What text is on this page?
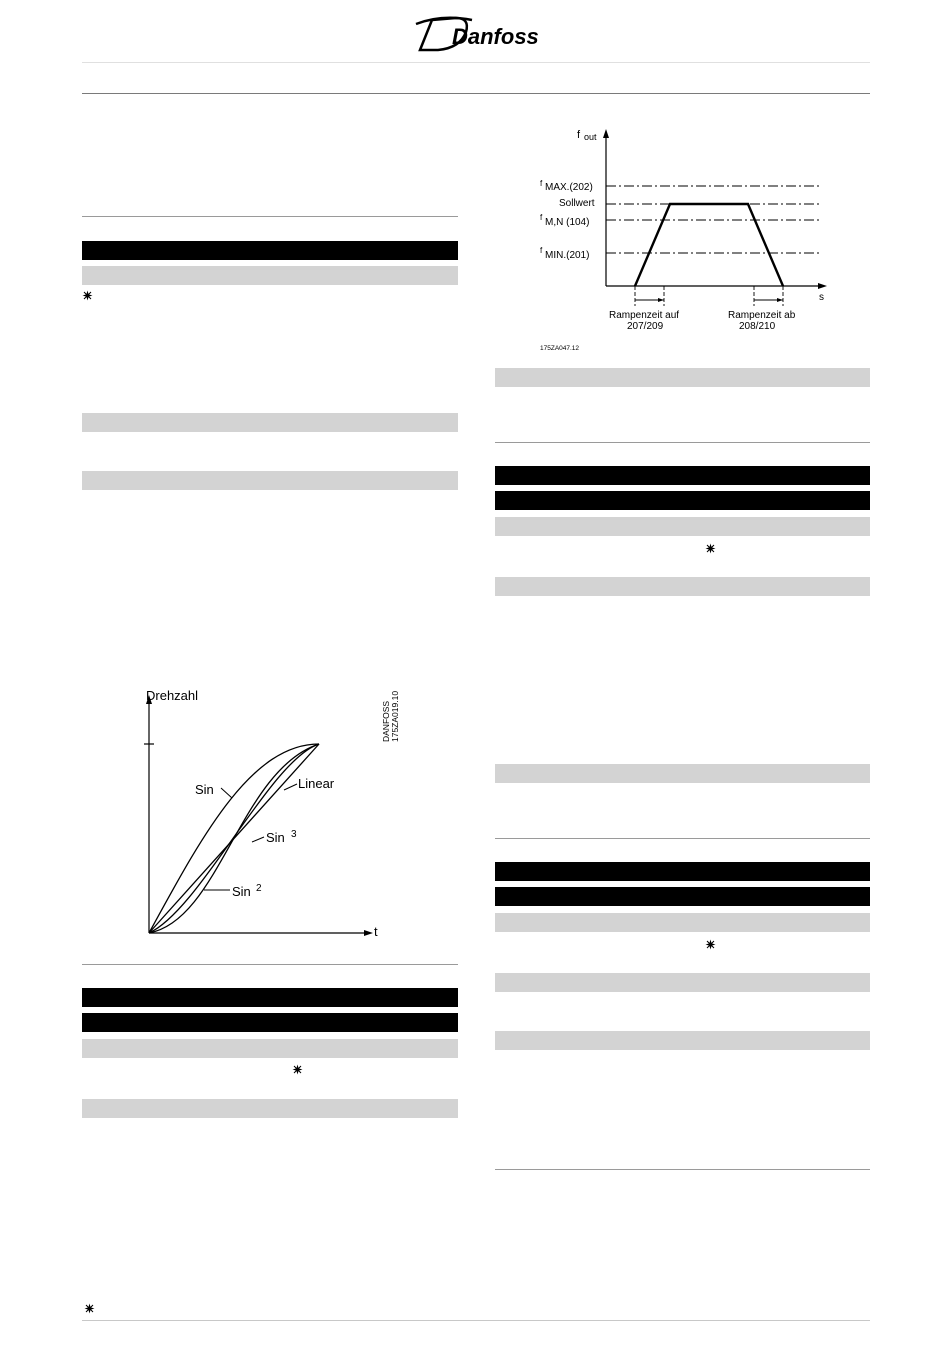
Danfoss
Drehzahl
t
Sin	Linear
Sin 3
Sin 2
DANFOSS 175ZA019.10
f out
s
f MAX.(202)
Sollwert
f M,N (104)
f MIN.(201)
Rampenzeit auf
207/209
Rampenzeit ab
208/210
175ZA047.12
